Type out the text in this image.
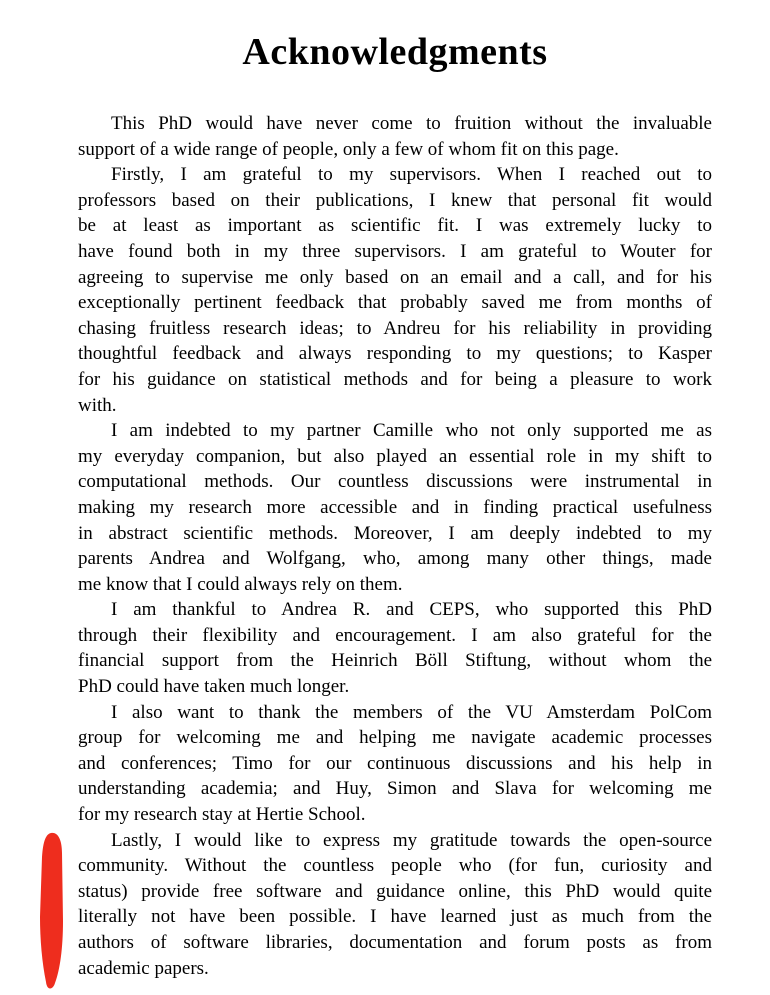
Acknowledgments
This PhD would have never come to fruition without the invaluable
support of a wide range of people, only a few of whom fit on this page.
Firstly, I am grateful to my supervisors. When I reached out to
professors based on their publications, I knew that personal fit would
be at least as important as scientific fit. I was extremely lucky to
have found both in my three supervisors. I am grateful to Wouter for
agreeing to supervise me only based on an email and a call, and for his
exceptionally pertinent feedback that probably saved me from months of
chasing fruitless research ideas; to Andreu for his reliability in providing
thoughtful feedback and always responding to my questions; to Kasper
for his guidance on statistical methods and for being a pleasure to work
with.
I am indebted to my partner Camille who not only supported me as
my everyday companion, but also played an essential role in my shift to
computational methods. Our countless discussions were instrumental in
making my research more accessible and in finding practical usefulness
in abstract scientific methods. Moreover, I am deeply indebted to my
parents Andrea and Wolfgang, who, among many other things, made
me know that I could always rely on them.
I am thankful to Andrea R. and CEPS, who supported this PhD
through their flexibility and encouragement. I am also grateful for the
financial support from the Heinrich Böll Stiftung, without whom the
PhD could have taken much longer.
I also want to thank the members of the VU Amsterdam PolCom
group for welcoming me and helping me navigate academic processes
and conferences; Timo for our continuous discussions and his help in
understanding academia; and Huy, Simon and Slava for welcoming me
for my research stay at Hertie School.
Lastly, I would like to express my gratitude towards the open-source
community. Without the countless people who (for fun, curiosity and
status) provide free software and guidance online, this PhD would quite
literally not have been possible. I have learned just as much from the
authors of software libraries, documentation and forum posts as from
academic papers.
